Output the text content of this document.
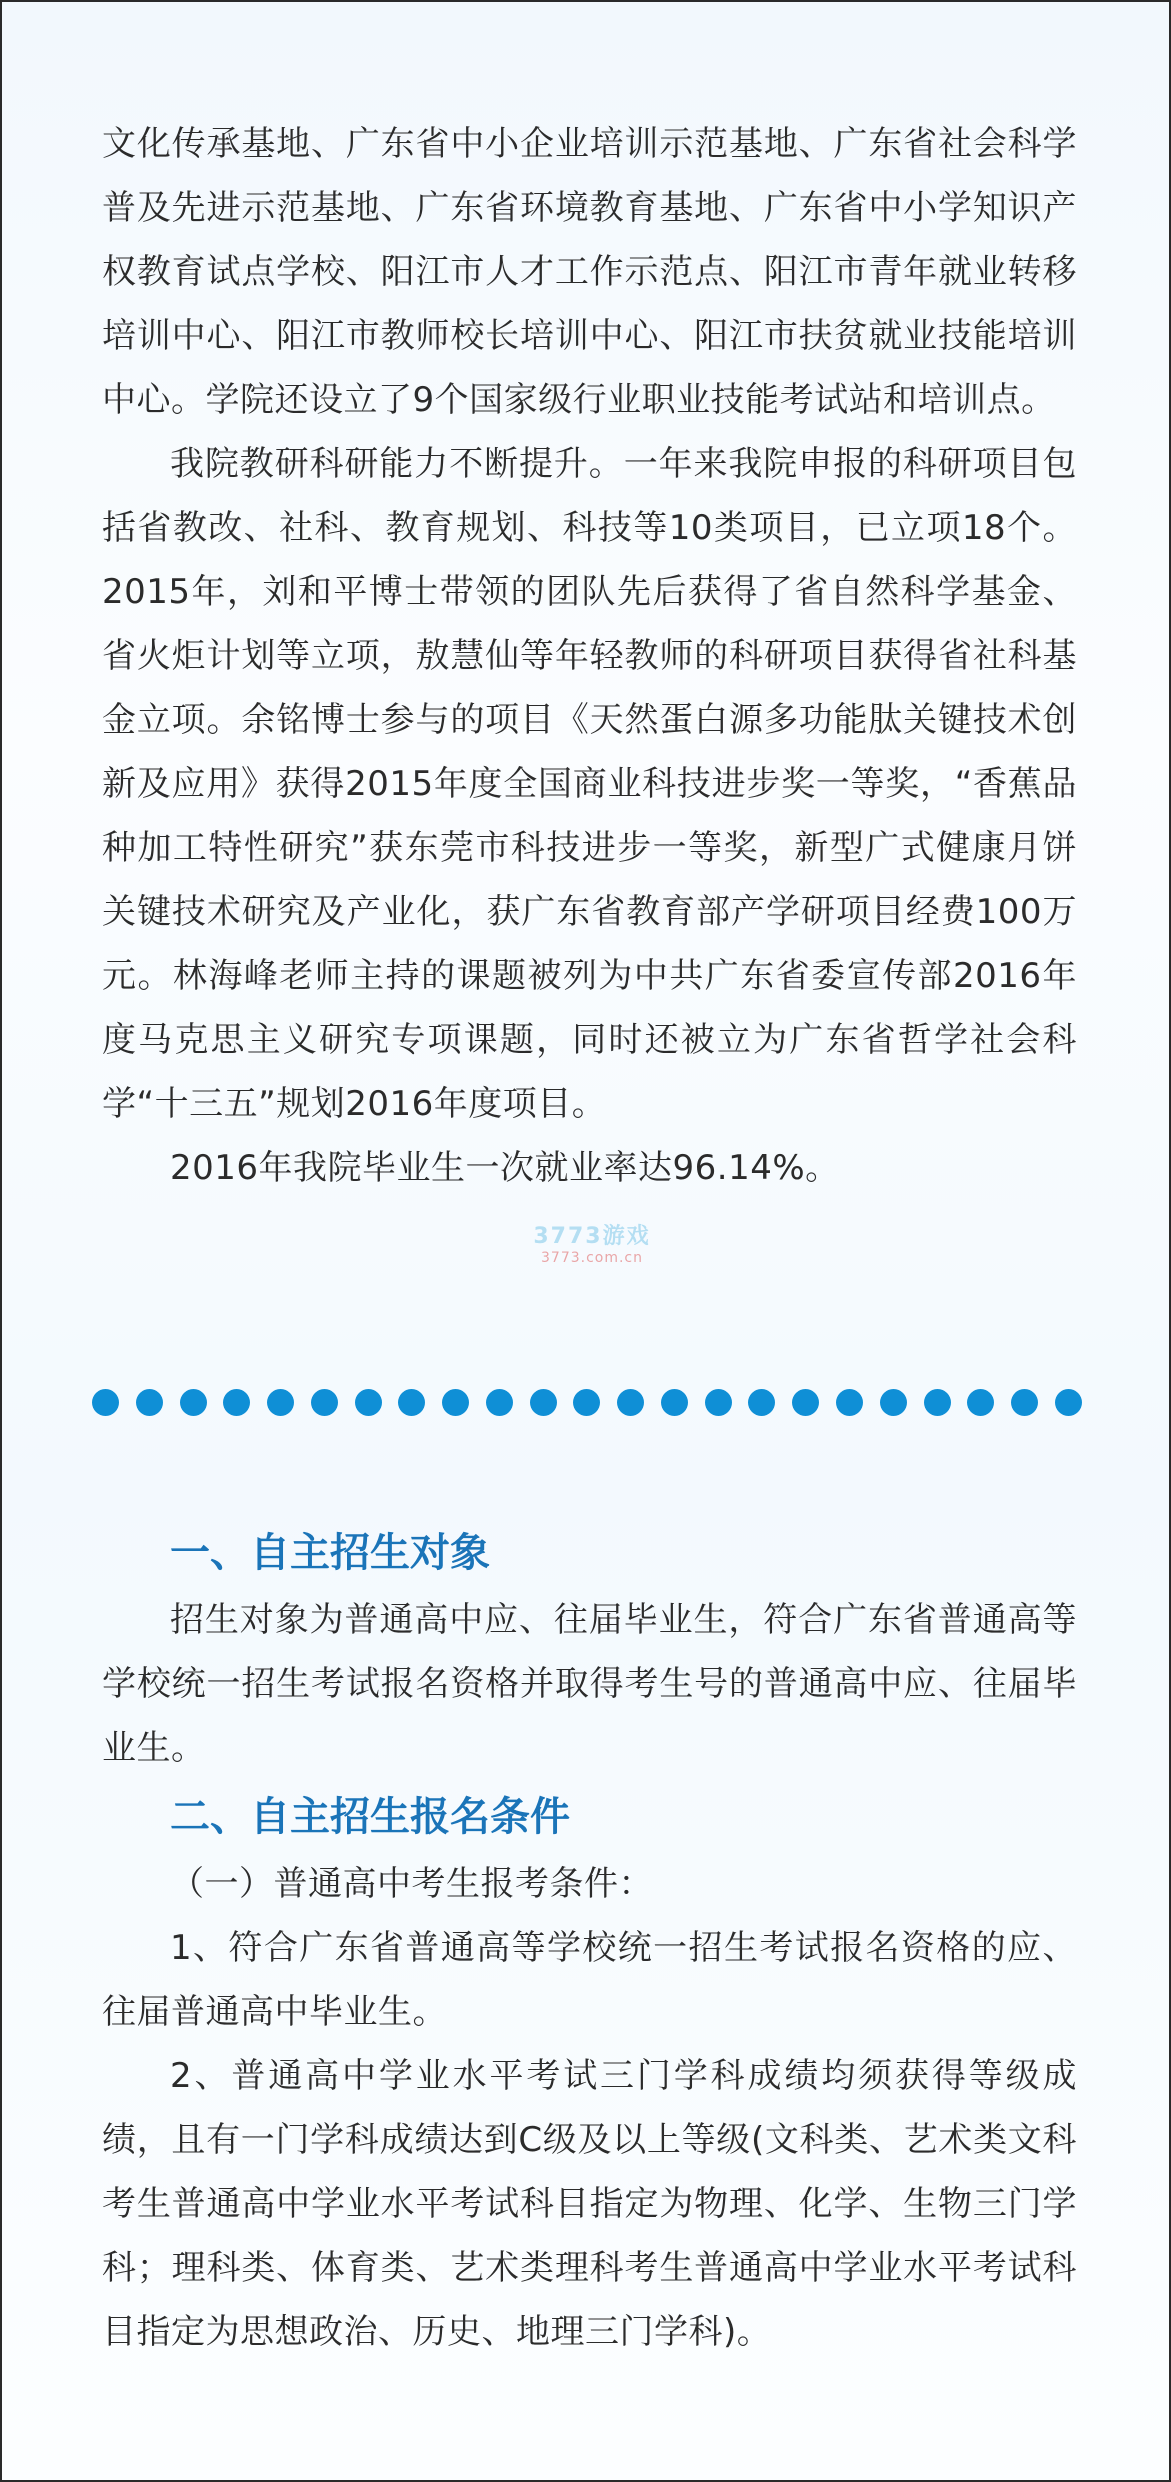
文化传承基地、广东省中小企业培训示范基地、广东省社会科学普及先进示范基地、广东省环境教育基地、广东省中小学知识产权教育试点学校、阳江市人才工作示范点、阳江市青年就业转移培训中心、阳江市教师校长培训中心、阳江市扶贫就业技能培训中心。学院还设立了9个国家级行业职业技能考试站和培训点。

我院教研科研能力不断提升。一年来我院申报的科研项目包括省教改、社科、教育规划、科技等10类项目，已立项18个。2015年，刘和平博士带领的团队先后获得了省自然科学基金、省火炬计划等立项，敖慧仙等年轻教师的科研项目获得省社科基金立项。余铭博士参与的项目《天然蛋白源多功能肽关键技术创新及应用》获得2015年度全国商业科技进步奖一等奖，“香蕉品种加工特性研究”获东莞市科技进步一等奖，新型广式健康月饼关键技术研究及产业化，获广东省教育部产学研项目经费100万元。林海峰老师主持的课题被列为中共广东省委宣传部2016年度马克思主义研究专项课题，同时还被立为广东省哲学社会科学“十三五”规划2016年度项目。

2016年我院毕业生一次就业率达96.14%。

3773游戏
3773.com.cn
一、自主招生对象

招生对象为普通高中应、往届毕业生，符合广东省普通高等学校统一招生考试报名资格并取得考生号的普通高中应、往届毕业生。

二、自主招生报名条件

（一）普通高中考生报考条件：

1、符合广东省普通高等学校统一招生考试报名资格的应、往届普通高中毕业生。

2、普通高中学业水平考试三门学科成绩均须获得等级成绩，且有一门学科成绩达到C级及以上等级(文科类、艺术类文科考生普通高中学业水平考试科目指定为物理、化学、生物三门学科；理科类、体育类、艺术类理科考生普通高中学业水平考试科目指定为思想政治、历史、地理三门学科)。
